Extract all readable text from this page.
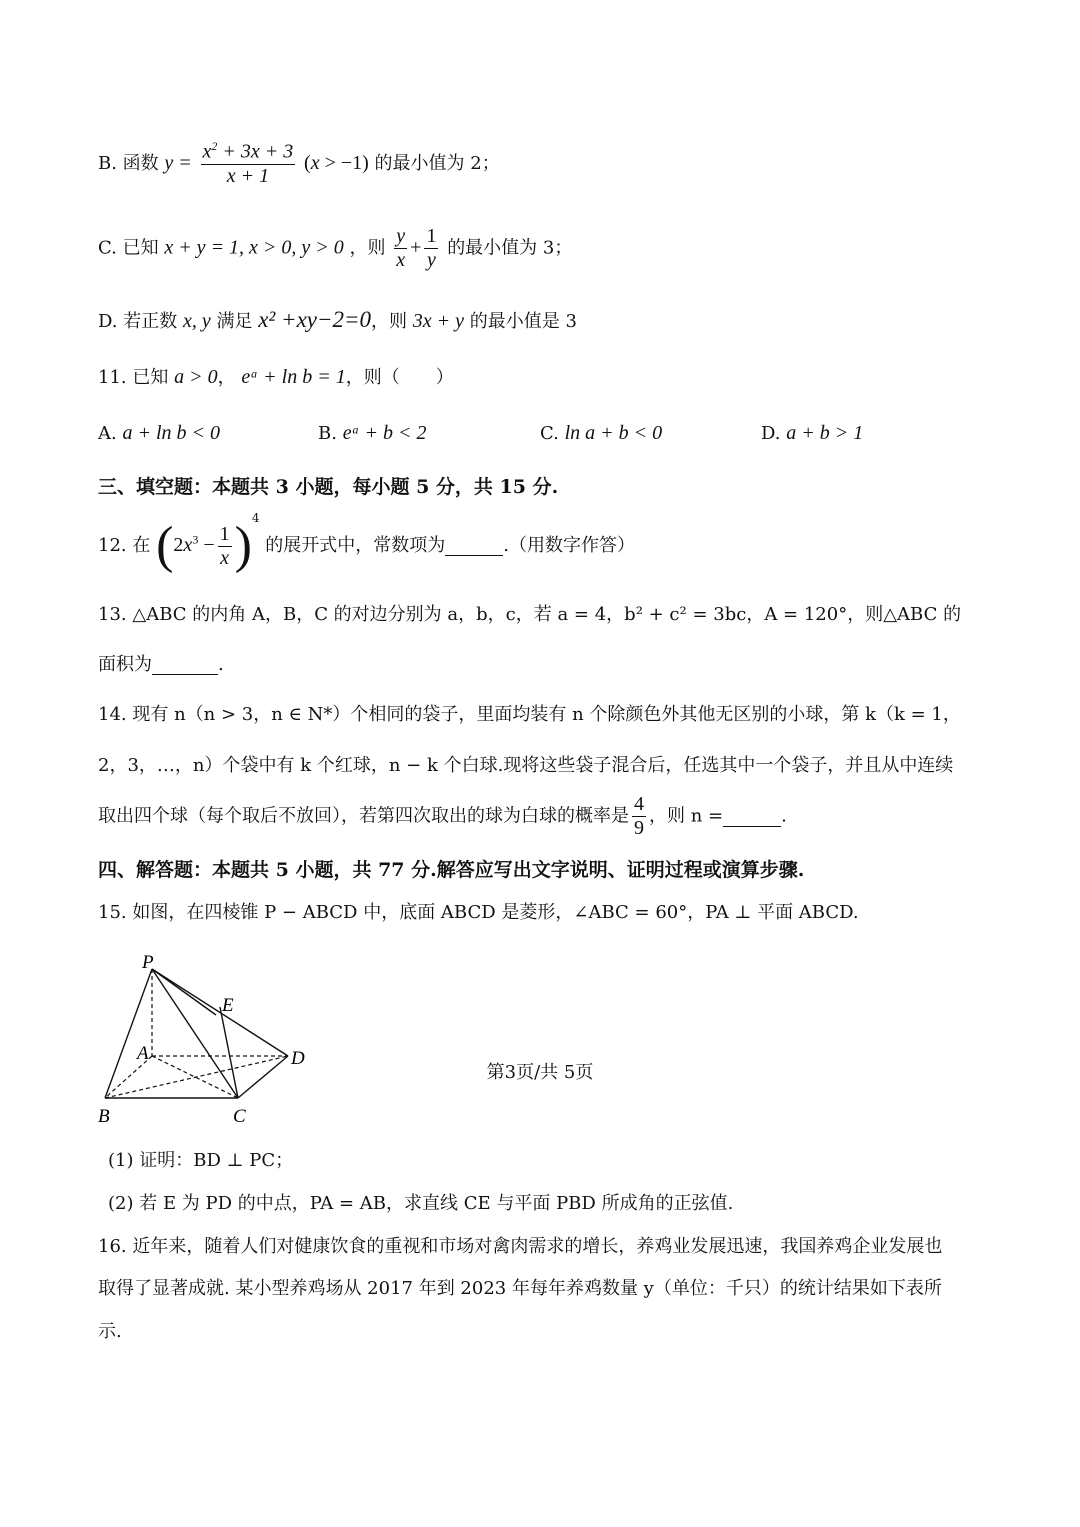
B. 函数 $y = \frac{x^2 + 3x + 3}{x + 1} (x > -1)$ 的最小值为 2；
C. 已知 x + y = 1, x > 0, y > 0 ，则 $\frac{y}{x} + \frac{1}{y}$ 的最小值为 3；
D. 若正数 x, y 满足 x² +xy−2=0，则 3x + y 的最小值是 3
11. 已知 a > 0， eᵃ + ln b = 1，则（　　）
A. a + ln b < 0	B. eᵃ + b < 2	C. ln a + b < 0	D. a + b > 1
三、填空题：本题共 3 小题，每小题 5 分，共 15 分.
12. 在 $(2x^3 - \frac{1}{x} )^4$ 的展开式中，常数项为	.（用数字作答）
13. △ABC 的内角 A，B，C 的对边分别为 a，b，c，若 a = 4，b² + c² = 3bc，A = 120°，则△ABC 的
面积为	.
14. 现有 n（n > 3，n ∈ N*）个相同的袋子，里面均装有 n 个除颜色外其他无区别的小球，第 k（k = 1，
2，3，…，n）个袋中有 k 个红球，n − k 个白球.现将这些袋子混合后，任选其中一个袋子，并且从中连续
取出四个球（每个取后不放回），若第四次取出的球为白球的概率是 $\frac{4}{9}$ ，则 n =	.
四、解答题：本题共 5 小题，共 77 分.解答应写出文字说明、证明过程或演算步骤.
15. 如图，在四棱锥 P − ABCD 中，底面 ABCD 是菱形，∠ABC = 60°，PA ⊥ 平面 ABCD.
P
E
A	D
B	C
(1) 证明：BD ⊥ PC；
(2) 若 E 为 PD 的中点，PA = AB，求直线 CE 与平面 PBD 所成角的正弦值.
16. 近年来，随着人们对健康饮食的重视和市场对禽肉需求的增长，养鸡业发展迅速，我国养鸡企业发展也
取得了显著成就. 某小型养鸡场从 2017 年到 2023 年每年养鸡数量 y（单位：千只）的统计结果如下表所
示.
第3页/共 5页
